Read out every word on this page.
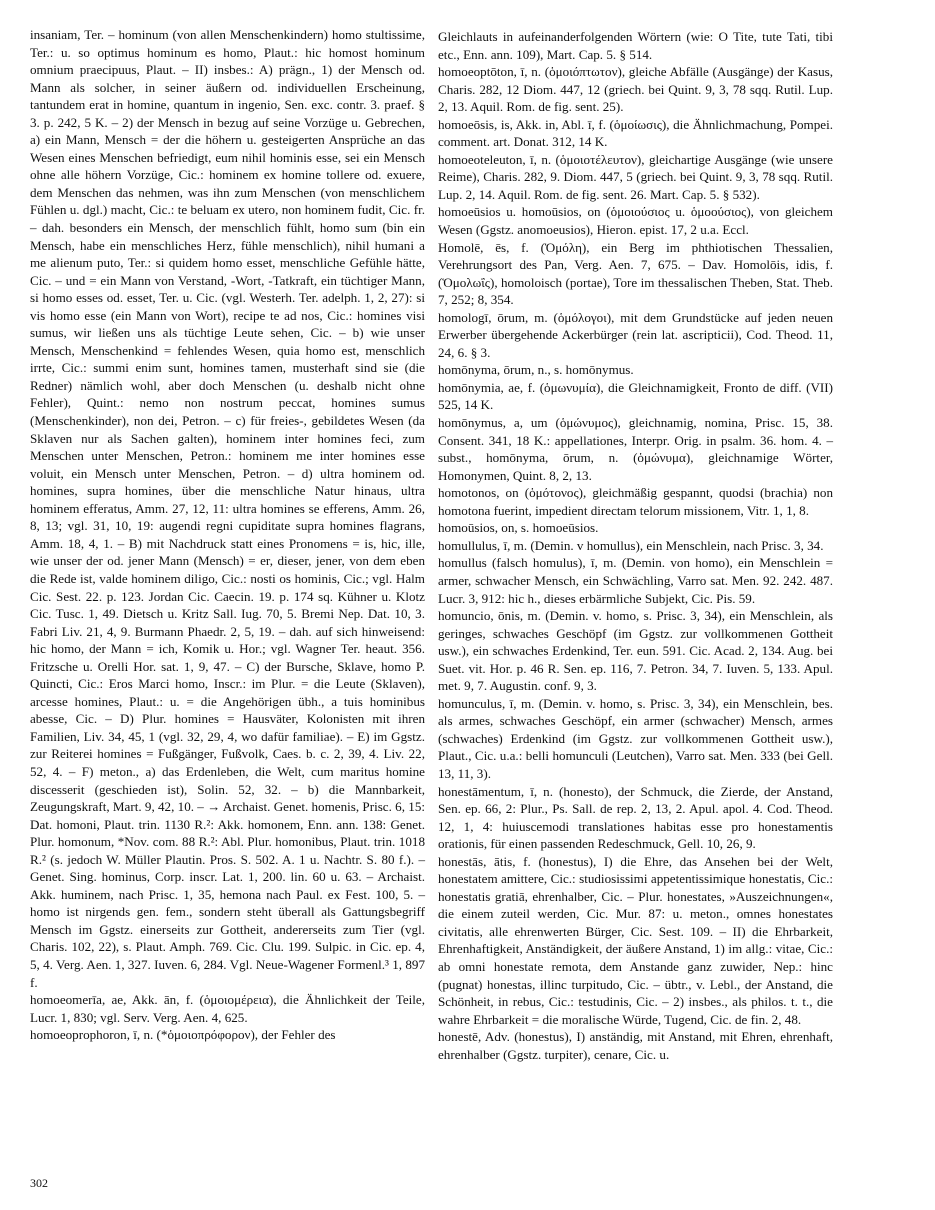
insaniam, Ter. – hominum (von allen Menschenkindern) homo stultissime, Ter.: u. so optimus hominum es homo, Plaut.: hic homost hominum omnium praecipuus, Plaut. – II) insbes.: A) prägn., 1) der Mensch od. Mann als solcher, in seiner äußern od. individuellen Erscheinung, tantundem erat in homine, quantum in ingenio, Sen. exc. contr. 3. praef. § 3. p. 242, 5 K. – 2) der Mensch in bezug auf seine Vorzüge u. Gebrechen, a) ein Mann, Mensch = der die höhern u. gesteigerten Ansprüche an das Wesen eines Menschen befriedigt, eum nihil hominis esse, sei ein Mensch ohne alle höhern Vorzüge, Cic.: hominem ex homine tollere od. exuere, dem Menschen das nehmen, was ihn zum Menschen (von menschlichem Fühlen u. dgl.) macht, Cic.: te beluam ex utero, non hominem fudit, Cic. fr. – dah. besonders ein Mensch, der menschlich fühlt, homo sum (bin ein Mensch, habe ein menschliches Herz, fühle menschlich), nihil humani a me alienum puto, Ter.: si quidem homo esset, menschliche Gefühle hätte, Cic. – und = ein Mann von Verstand, -Wort, -Tatkraft, ein tüchtiger Mann, si homo esses od. esset, Ter. u. Cic. (vgl. Westerh. Ter. adelph. 1, 2, 27): si vis homo esse (ein Mann von Wort), recipe te ad nos, Cic.: homines visi sumus, wir ließen uns als tüchtige Leute sehen, Cic. – b) wie unser Mensch, Menschenkind = fehlendes Wesen, quia homo est, menschlich irrte, Cic.: summi enim sunt, homines tamen, musterhaft sind sie (die Redner) nämlich wohl, aber doch Menschen (u. deshalb nicht ohne Fehler), Quint.: nemo non nostrum peccat, homines sumus (Menschenkinder), non dei, Petron. – c) für freies-, gebildetes Wesen (da Sklaven nur als Sachen galten), hominem inter homines feci, zum Menschen unter Menschen, Petron.: hominem me inter homines esse voluit, ein Mensch unter Menschen, Petron. – d) ultra hominem od. homines, supra homines, über die menschliche Natur hinaus, ultra hominem efferatus, Amm. 27, 12, 11: ultra homines se efferens, Amm. 26, 8, 13; vgl. 31, 10, 19: augendi regni cupiditate supra homines flagrans, Amm. 18, 4, 1. – B) mit Nachdruck statt eines Pronomens = is, hic, ille, wie unser der od. jener Mann (Mensch) = er, dieser, jener, von dem eben die Rede ist, valde hominem diligo, Cic.: nosti os hominis, Cic.; vgl. Halm Cic. Sest. 22. p. 123. Jordan Cic. Caecin. 19. p. 174 sq. Kühner u. Klotz Cic. Tusc. 1, 49. Dietsch u. Kritz Sall. Iug. 70, 5. Bremi Nep. Dat. 10, 3. Fabri Liv. 21, 4, 9. Burmann Phaedr. 2, 5, 19. – dah. auf sich hinweisend: hic homo, der Mann = ich, Komik u. Hor.; vgl. Wagner Ter. heaut. 356. Fritzsche u. Orelli Hor. sat. 1, 9, 47. – C) der Bursche, Sklave, homo P. Quincti, Cic.: Eros Marci homo, Inscr.: im Plur. = die Leute (Sklaven), arcesse homines, Plaut.: u. = die Angehörigen übh., a tuis hominibus abesse, Cic. – D) Plur. homines = Hausväter, Kolonisten mit ihren Familien, Liv. 34, 45, 1 (vgl. 32, 29, 4, wo dafür familiae). – E) im Ggstz. zur Reiterei homines = Fußgänger, Fußvolk, Caes. b. c. 2, 39, 4. Liv. 22, 52, 4. – F) meton., a) das Erdenleben, die Welt, cum maritus homine discesserit (geschieden ist), Solin. 52, 32. – b) die Mannbarkeit, Zeugungskraft, Mart. 9, 42, 10. – → Archaist. Genet. homenis, Prisc. 6, 15: Dat. homoni, Plaut. trin. 1130 R.²: Akk. homonem, Enn. ann. 138: Genet. Plur. homonum, *Nov. com. 88 R.²: Abl. Plur. homonibus, Plaut. trin. 1018 R.² (s. jedoch W. Müller Plautin. Pros. S. 502. A. 1 u. Nachtr. S. 80 f.). – Genet. Sing. hominus, Corp. inscr. Lat. 1, 200. lin. 60 u. 63. – Archaist. Akk. huminem, nach Prisc. 1, 35, hemona nach Paul. ex Fest. 100, 5. – homo ist nirgends gen. fem., sondern steht überall als Gattungsbegriff Mensch im Ggstz. einerseits zur Gottheit, andererseits zum Tier (vgl. Charis. 102, 22), s. Plaut. Amph. 769. Cic. Clu. 199. Sulpic. in Cic. ep. 4, 5, 4. Verg. Aen. 1, 327. Iuven. 6, 284. Vgl. Neue-Wagener Formenl.³ 1, 897 f.

homoeomerīa, ae, Akk. ān, f. (ὁμοιομέρεια), die Ähnlichkeit der Teile, Lucr. 1, 830; vgl. Serv. Verg. Aen. 4, 625.

homoeoprophoron, ī, n. (*ὁμοιοπρόφορον), der Fehler des

Gleichlauts in aufeinanderfolgenden Wörtern (wie: O Tite, tute Tati, tibi etc., Enn. ann. 109), Mart. Cap. 5. § 514.

homoeoptōton, ī, n. (ὁμοιόπτωτον), gleiche Abfälle (Ausgänge) der Kasus, Charis. 282, 12 Diom. 447, 12 (griech. bei Quint. 9, 3, 78 sqq. Rutil. Lup. 2, 13. Aquil. Rom. de fig. sent. 25).

homoeōsis, is, Akk. in, Abl. ī, f. (ὁμοίωσις), die Ähnlichmachung, Pompei. comment. art. Donat. 312, 14 K.

homoeoteleuton, ī, n. (ὁμοιοτέλευτον), gleichartige Ausgänge (wie unsere Reime), Charis. 282, 9. Diom. 447, 5 (griech. bei Quint. 9, 3, 78 sqq. Rutil. Lup. 2, 14. Aquil. Rom. de fig. sent. 26. Mart. Cap. 5. § 532).

homoeūsios u. homoūsios, on (ὁμοιούσιος u. ὁμοούσιος), von gleichem Wesen (Ggstz. anomoeusios), Hieron. epist. 17, 2 u.a. Eccl.

Homolē, ēs, f. (Ὁμόλη), ein Berg im phthiotischen Thessalien, Verehrungsort des Pan, Verg. Aen. 7, 675. – Dav. Homolōis, idis, f. (Ὁμολωΐς), homoloisch (portae), Tore im thessalischen Theben, Stat. Theb. 7, 252; 8, 354.

homologī, ōrum, m. (ὁμόλογοι), mit dem Grundstücke auf jeden neuen Erwerber übergehende Ackerbürger (rein lat. ascripticii), Cod. Theod. 11, 24, 6. § 3.

homōnyma, ōrum, n., s. homōnymus.

homōnymia, ae, f. (ὁμωνυμία), die Gleichnamigkeit, Fronto de diff. (VII) 525, 14 K.

homōnymus, a, um (ὁμώνυμος), gleichnamig, nomina, Prisc. 15, 38. Consent. 341, 18 K.: appellationes, Interpr. Orig. in psalm. 36. hom. 4. – subst., homōnyma, ōrum, n. (ὁμώνυμα), gleichnamige Wörter, Homonymen, Quint. 8, 2, 13.

homotonos, on (ὁμότονος), gleichmäßig gespannt, quodsi (brachia) non homotona fuerint, impedient directam telorum missionem, Vitr. 1, 1, 8.

homoūsios, on, s. homoeūsios.

homullulus, ī, m. (Demin. v homullus), ein Menschlein, nach Prisc. 3, 34.

homullus (falsch homulus), ī, m. (Demin. von homo), ein Menschlein = armer, schwacher Mensch, ein Schwächling, Varro sat. Men. 92. 242. 487. Lucr. 3, 912: hic h., dieses erbärmliche Subjekt, Cic. Pis. 59.

homuncio, ōnis, m. (Demin. v. homo, s. Prisc. 3, 34), ein Menschlein, als geringes, schwaches Geschöpf (im Ggstz. zur vollkommenen Gottheit usw.), ein schwaches Erdenkind, Ter. eun. 591. Cic. Acad. 2, 134. Aug. bei Suet. vit. Hor. p. 46 R. Sen. ep. 116, 7. Petron. 34, 7. Iuven. 5, 133. Apul. met. 9, 7. Augustin. conf. 9, 3.

homunculus, ī, m. (Demin. v. homo, s. Prisc. 3, 34), ein Menschlein, bes. als armes, schwaches Geschöpf, ein armer (schwacher) Mensch, armes (schwaches) Erdenkind (im Ggstz. zur vollkommenen Gottheit usw.), Plaut., Cic. u.a.: belli homunculi (Leutchen), Varro sat. Men. 333 (bei Gell. 13, 11, 3).

honestāmentum, ī, n. (honesto), der Schmuck, die Zierde, der Anstand, Sen. ep. 66, 2: Plur., Ps. Sall. de rep. 2, 13, 2. Apul. apol. 4. Cod. Theod. 12, 1, 4: huiuscemodi translationes habitas esse pro honestamentis orationis, für einen passenden Redeschmuck, Gell. 10, 26, 9.

honestās, ātis, f. (honestus), I) die Ehre, das Ansehen bei der Welt, honestatem amittere, Cic.: studiosissimi appetentissimique honestatis, Cic.: honestatis gratiā, ehrenhalber, Cic. – Plur. honestates, »Auszeichnungen«, die einem zuteil werden, Cic. Mur. 87: u. meton., omnes honestates civitatis, alle ehrenwerten Bürger, Cic. Sest. 109. – II) die Ehrbarkeit, Ehrenhaftigkeit, Anständigkeit, der äußere Anstand, 1) im allg.: vitae, Cic.: ab omni honestate remota, dem Anstande ganz zuwider, Nep.: hinc (pugnat) honestas, illinc turpitudo, Cic. – übtr., v. Lebl., der Anstand, die Schönheit, in rebus, Cic.: testudinis, Cic. – 2) insbes., als philos. t. t., die wahre Ehrbarkeit = die moralische Würde, Tugend, Cic. de fin. 2, 48.

honestē, Adv. (honestus), I) anständig, mit Anstand, mit Ehren, ehrenhaft, ehrenhalber (Ggstz. turpiter), cenare, Cic. u.

302
